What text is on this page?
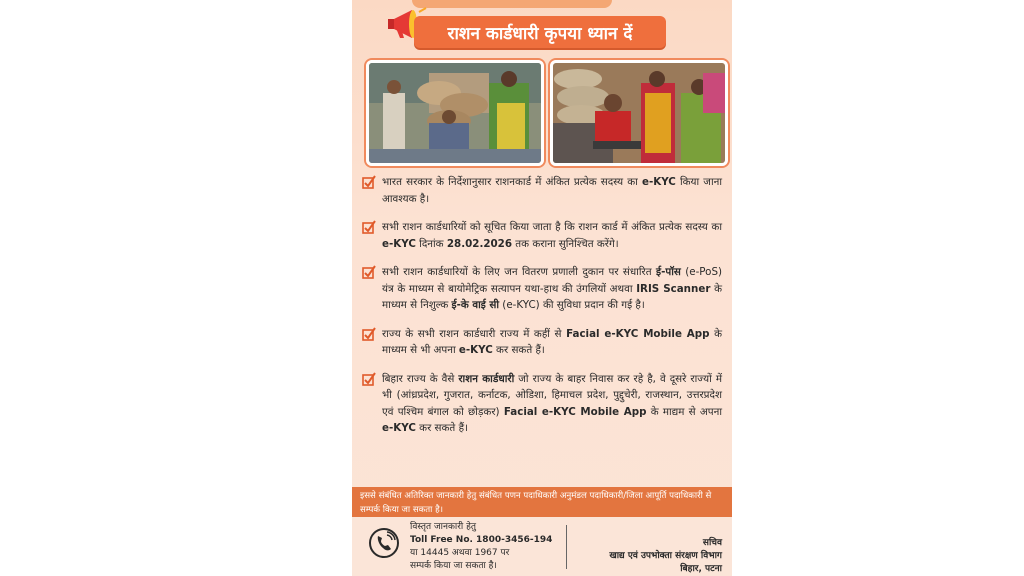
राशन कार्डधारी कृपया ध्यान दें
भारत सरकार के निर्देशानुसार राशनकार्ड में अंकित प्रत्येक सदस्य का e-KYC किया जाना आवश्यक है।
सभी राशन कार्डधारियों को सूचित किया जाता है कि राशन कार्ड में अंकित प्रत्येक सदस्य का e-KYC दिनांक 28.02.2026 तक कराना सुनिश्चित करेंगे।
सभी राशन कार्डधारियों के लिए जन वितरण प्रणाली दुकान पर संधारित ई-पॉस (e-PoS) यंत्र के माध्यम से बायोमेट्रिक सत्यापन यथा-हाथ की उंगलियों अथवा IRIS Scanner के माध्यम से निशुल्क ई-के वाई सी (e-KYC) की सुविधा प्रदान की गई है।
राज्य के सभी राशन कार्डधारी राज्य में कहीं से Facial e-KYC Mobile App के माध्यम से भी अपना e-KYC कर सकते हैं।
बिहार राज्य के वैसे राशन कार्डधारी जो राज्य के बाहर निवास कर रहे है, वे दूसरे राज्यों में भी (आंध्रप्रदेश, गुजरात, कर्नाटक, ओडिशा, हिमाचल प्रदेश, पुद्दुचेरी, राजस्थान, उत्तरप्रदेश एवं पश्चिम बंगाल को छोड़कर) Facial e-KYC Mobile App के माद्यम से अपना e-KYC कर सकते हैं।
इससे संबंधित अतिरिक्त जानकारी हेतु संबंधित पणन पदाधिकारी अनुमंडल पदाधिकारी/जिला आपूर्ति पदाधिकारी से सम्पर्क किया जा सकता है।
विस्तृत जानकारी हेतु
Toll Free No. 1800-3456-194
या 14445 अथवा 1967 पर
सम्पर्क किया जा सकता है।
सचिव
खाद्य एवं उपभोक्ता संरक्षण विभाग
बिहार, पटना
